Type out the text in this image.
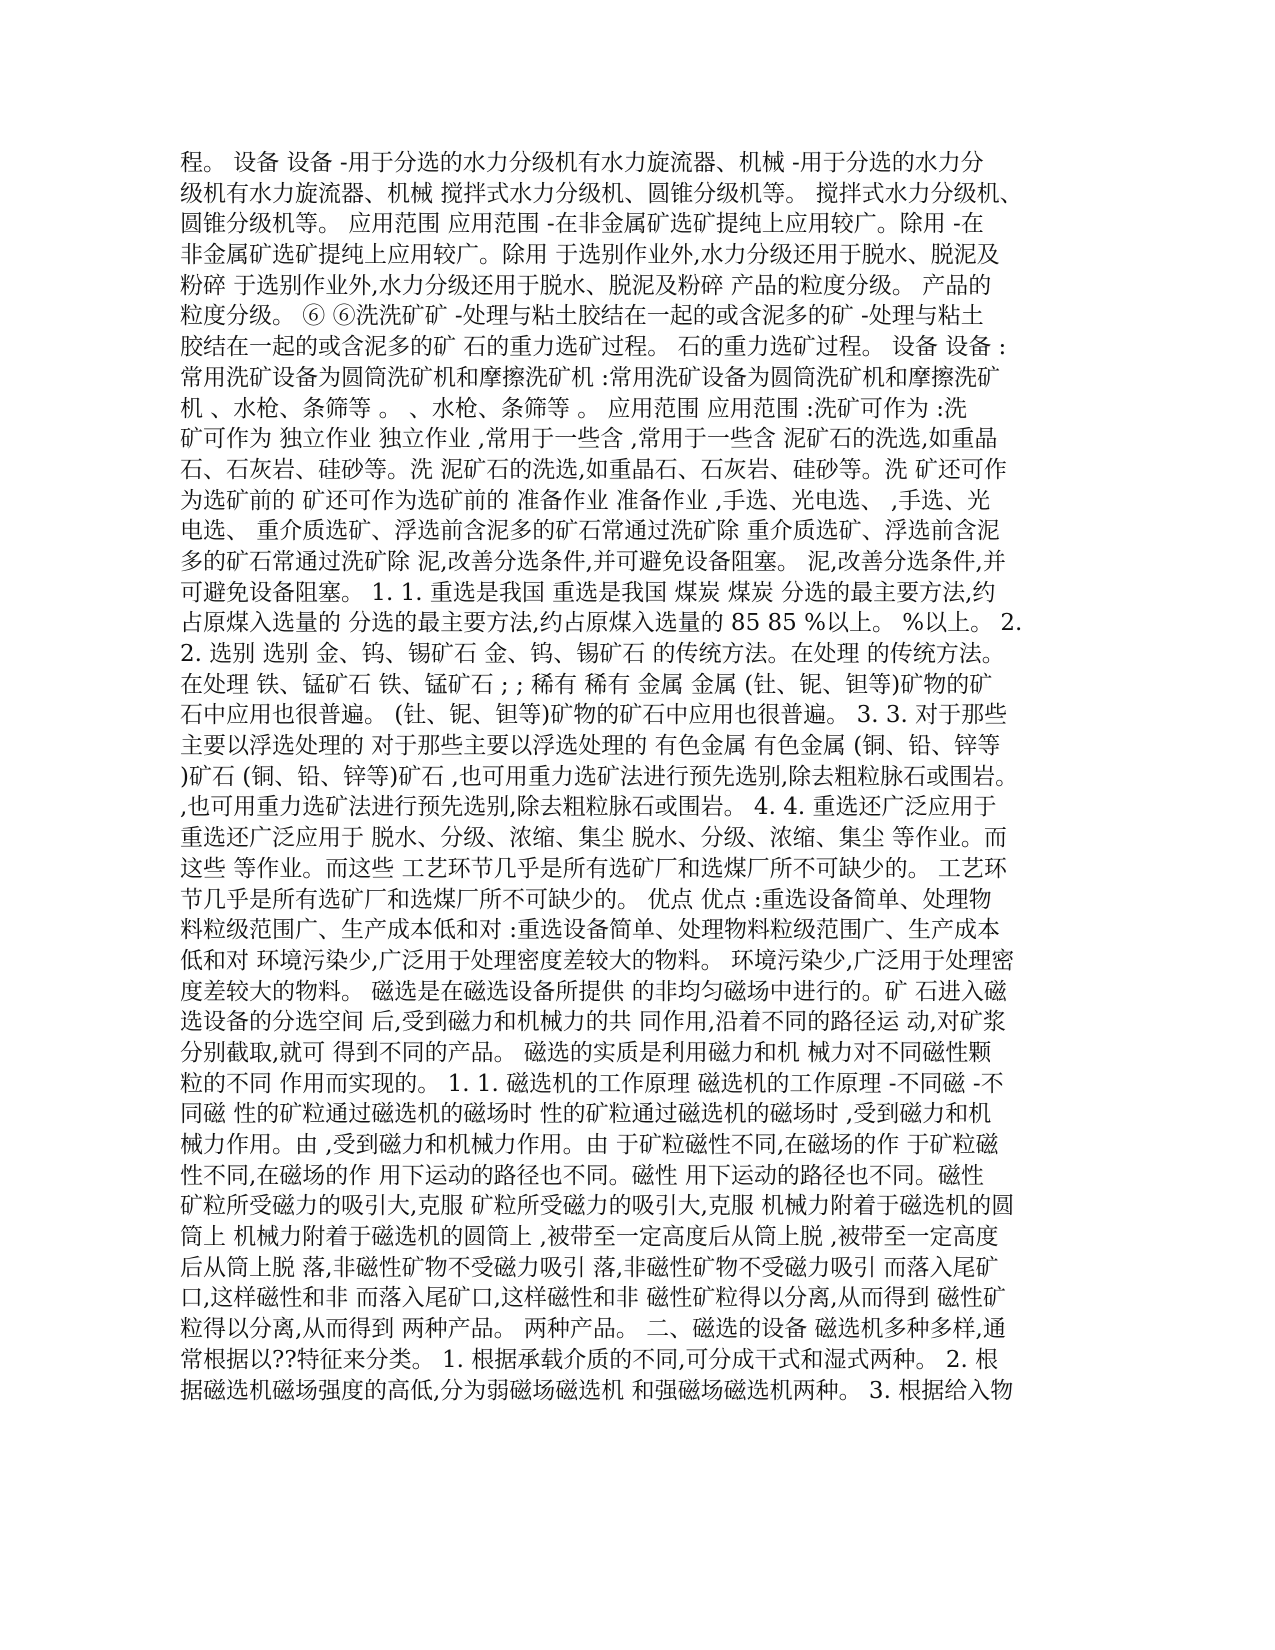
程。 设备 设备 -用于分选的水力分级机有水力旋流器、机械 -用于分选的水力分
级机有水力旋流器、机械 搅拌式水力分级机、圆锥分级机等。 搅拌式水力分级机、
圆锥分级机等。 应用范围 应用范围 -在非金属矿选矿提纯上应用较广。除用 -在
非金属矿选矿提纯上应用较广。除用 于选别作业外,水力分级还用于脱水、脱泥及
粉碎 于选别作业外,水力分级还用于脱水、脱泥及粉碎 产品的粒度分级。 产品的
粒度分级。 ⑥ ⑥洗洗矿矿 -处理与粘土胶结在一起的或含泥多的矿 -处理与粘土
胶结在一起的或含泥多的矿 石的重力选矿过程。 石的重力选矿过程。 设备 设备 :
常用洗矿设备为圆筒洗矿机和摩擦洗矿机 :常用洗矿设备为圆筒洗矿机和摩擦洗矿
机 、水枪、条筛等 。 、水枪、条筛等 。 应用范围 应用范围 :洗矿可作为 :洗
矿可作为 独立作业 独立作业 ,常用于一些含 ,常用于一些含 泥矿石的洗选,如重晶
石、石灰岩、硅砂等。洗 泥矿石的洗选,如重晶石、石灰岩、硅砂等。洗 矿还可作
为选矿前的 矿还可作为选矿前的 准备作业 准备作业 ,手选、光电选、 ,手选、光
电选、 重介质选矿、浮选前含泥多的矿石常通过洗矿除 重介质选矿、浮选前含泥
多的矿石常通过洗矿除 泥,改善分选条件,并可避免设备阻塞。 泥,改善分选条件,并
可避免设备阻塞。 1. 1. 重选是我国 重选是我国 煤炭 煤炭 分选的最主要方法,约
占原煤入选量的 分选的最主要方法,约占原煤入选量的 85 85 %以上。 %以上。 2.
2. 选别 选别 金、钨、锡矿石 金、钨、锡矿石 的传统方法。在处理 的传统方法。
在处理 铁、锰矿石 铁、锰矿石 ; ; 稀有 稀有 金属 金属 (钍、铌、钽等)矿物的矿
石中应用也很普遍。 (钍、铌、钽等)矿物的矿石中应用也很普遍。 3. 3. 对于那些
主要以浮选处理的 对于那些主要以浮选处理的 有色金属 有色金属 (铜、铅、锌等
)矿石 (铜、铅、锌等)矿石 ,也可用重力选矿法进行预先选别,除去粗粒脉石或围岩。
,也可用重力选矿法进行预先选别,除去粗粒脉石或围岩。 4. 4. 重选还广泛应用于
重选还广泛应用于 脱水、分级、浓缩、集尘 脱水、分级、浓缩、集尘 等作业。而
这些 等作业。而这些 工艺环节几乎是所有选矿厂和选煤厂所不可缺少的。 工艺环
节几乎是所有选矿厂和选煤厂所不可缺少的。 优点 优点 :重选设备简单、处理物
料粒级范围广、生产成本低和对 :重选设备简单、处理物料粒级范围广、生产成本
低和对 环境污染少,广泛用于处理密度差较大的物料。 环境污染少,广泛用于处理密
度差较大的物料。 磁选是在磁选设备所提供 的非均匀磁场中进行的。矿 石进入磁
选设备的分选空间 后,受到磁力和机械力的共 同作用,沿着不同的路径运 动,对矿浆
分别截取,就可 得到不同的产品。 磁选的实质是利用磁力和机 械力对不同磁性颗
粒的不同 作用而实现的。 1. 1. 磁选机的工作原理 磁选机的工作原理 -不同磁 -不
同磁 性的矿粒通过磁选机的磁场时 性的矿粒通过磁选机的磁场时 ,受到磁力和机
械力作用。由 ,受到磁力和机械力作用。由 于矿粒磁性不同,在磁场的作 于矿粒磁
性不同,在磁场的作 用下运动的路径也不同。磁性 用下运动的路径也不同。磁性
矿粒所受磁力的吸引大,克服 矿粒所受磁力的吸引大,克服 机械力附着于磁选机的圆
筒上 机械力附着于磁选机的圆筒上 ,被带至一定高度后从筒上脱 ,被带至一定高度
后从筒上脱 落,非磁性矿物不受磁力吸引 落,非磁性矿物不受磁力吸引 而落入尾矿
口,这样磁性和非 而落入尾矿口,这样磁性和非 磁性矿粒得以分离,从而得到 磁性矿
粒得以分离,从而得到 两种产品。 两种产品。 二、磁选的设备 磁选机多种多样,通
常根据以??特征来分类。 1. 根据承载介质的不同,可分成干式和湿式两种。 2. 根
据磁选机磁场强度的高低,分为弱磁场磁选机 和强磁场磁选机两种。 3. 根据给入物
